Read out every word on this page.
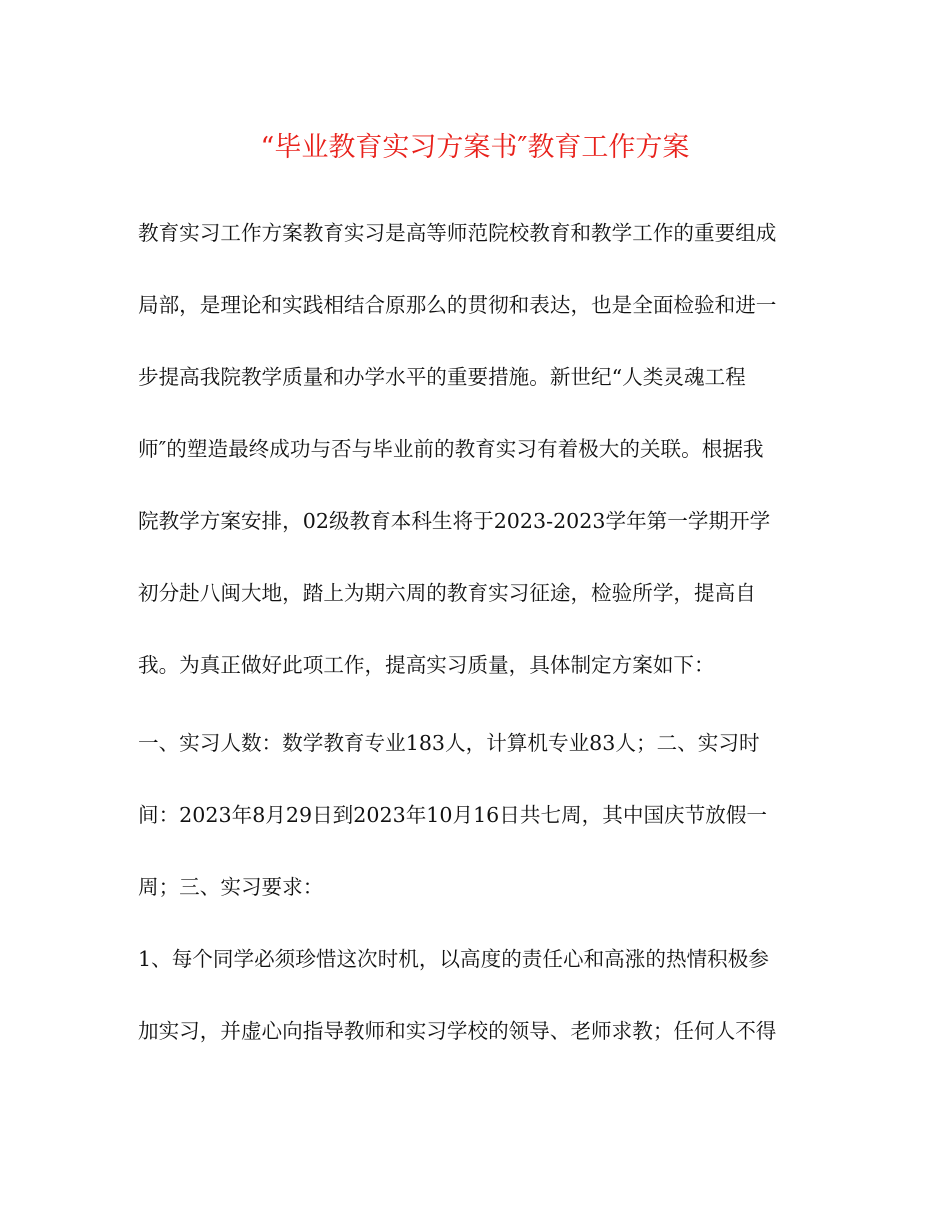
“毕业教育实习方案书″教育工作方案
教育实习工作方案教育实习是高等师范院校教育和教学工作的重要组成
局部，是理论和实践相结合原那么的贯彻和表达，也是全面检验和进一
步提高我院教学质量和办学水平的重要措施。新世纪“人类灵魂工程
师″的塑造最终成功与否与毕业前的教育实习有着极大的关联。根据我
院教学方案安排，02级教育本科生将于2023-2023学年第一学期开学
初分赴八闽大地，踏上为期六周的教育实习征途，检验所学，提高自
我。为真正做好此项工作，提高实习质量，具体制定方案如下：
一、实习人数：数学教育专业183人，计算机专业83人；二、实习时
间：2023年8月29日到2023年10月16日共七周，其中国庆节放假一
周；三、实习要求：
1、每个同学必须珍惜这次时机，以高度的责任心和高涨的热情积极参
加实习，并虚心向指导教师和实习学校的领导、老师求教；任何人不得
